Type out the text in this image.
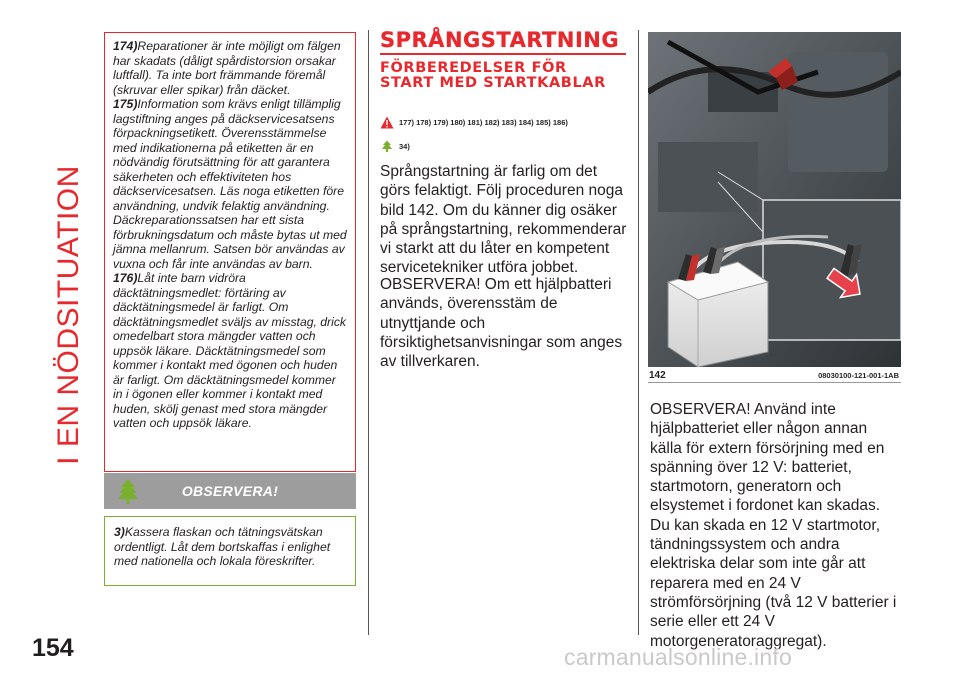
I EN NÖDSITUATION
154

174)Reparationer är inte möjligt om fälgen har skadats (dåligt spårdistorsion orsakar luftfall). Ta inte bort främmande föremål (skruvar eller spikar) från däcket.

175)Information som krävs enligt tillämplig lagstiftning anges på däckservicesatsens förpackningsetikett. Överensstämmelse med indikationerna på etiketten är en nödvändig förutsättning för att garantera säkerheten och effektiviteten hos däckservicesatsen. Läs noga etiketten före användning, undvik felaktig användning. Däckreparationssatsen har ett sista förbrukningsdatum och måste bytas ut med jämna mellanrum. Satsen bör användas av vuxna och får inte användas av barn.

176)Låt inte barn vidröra däcktätningsmedlet: förtäring av däcktätningsmedel är farligt. Om däcktätningsmedlet sväljs av misstag, drick omedelbart stora mängder vatten och uppsök läkare. Däcktätningsmedel som kommer i kontakt med ögonen och huden är farligt. Om däcktätningsmedel kommer in i ögonen eller kommer i kontakt med huden, skölj genast med stora mängder vatten och uppsök läkare.

OBSERVERA!
3)Kassera flaskan och tätningsvätskan ordentligt. Låt dem bortskaffas i enlighet med nationella och lokala föreskrifter.
SPRÅNGSTARTNING
FÖRBEREDELSER FÖR START MED STARTKABLAR
177) 178) 179) 180) 181) 182) 183) 184) 185) 186)
34)
Språngstartning är farlig om det görs felaktigt. Följ proceduren noga bild 142. Om du känner dig osäker på språngstartning, rekommenderar vi starkt att du låter en kompetent servicetekniker utföra jobbet.
OBSERVERA! Om ett hjälpbatteri används, överensstäm de utnyttjande och försiktighetsanvisningar som anges av tillverkaren.
142	08030100-121-001-1AB
OBSERVERA! Använd inte hjälpbatteriet eller någon annan källa för extern försörjning med en spänning över 12 V: batteriet, startmotorn, generatorn och elsystemet i fordonet kan skadas. Du kan skada en 12 V startmotor, tändningssystem och andra elektriska delar som inte går att reparera med en 24 V strömförsörjning (två 12 V batterier i serie eller ett 24 V motorgeneratoraggregat).
carmanualsonline.info
